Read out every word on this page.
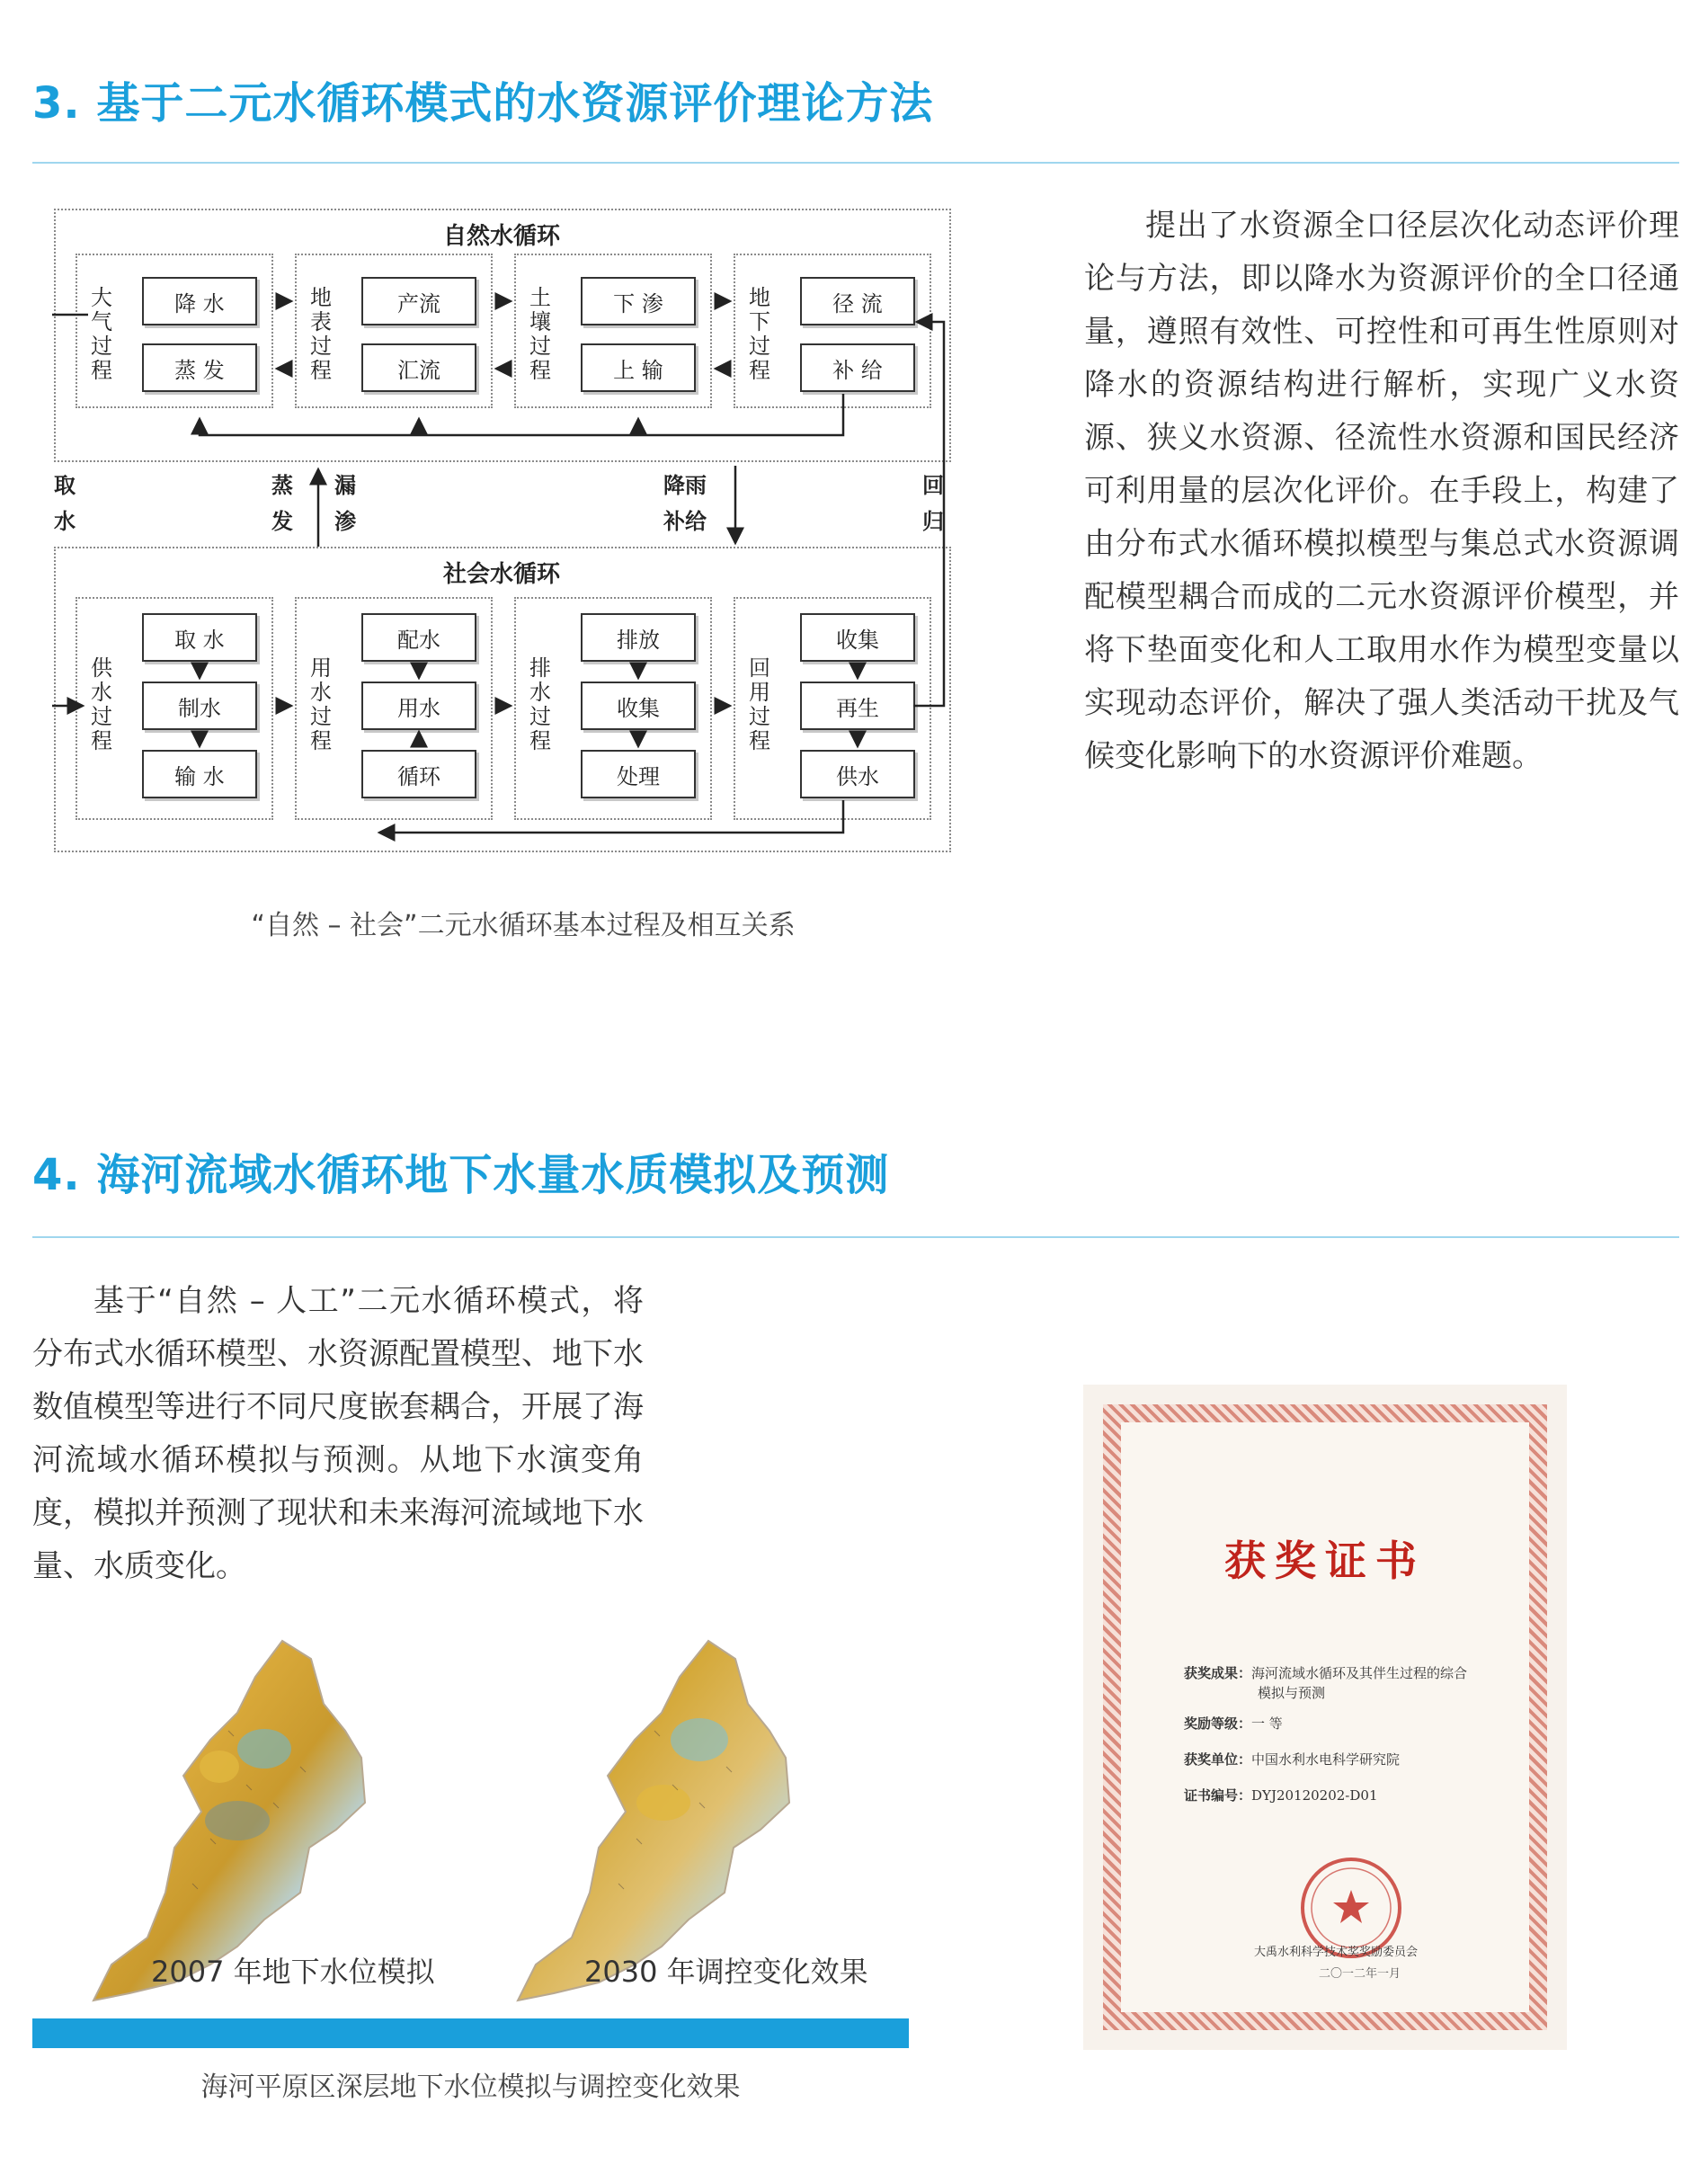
3. 基于二元水循环模式的水资源评价理论方法
自然水循环
社会水循环
大气过程
降 水
蒸 发
地表过程
产流
汇流
土壤过程
下 渗
上 输
地下过程
径 流
补 给
供水过程
取 水
制水
输 水
用水过程
配水
用水
循环
排水过程
排放
收集
处理
回用过程
收集
再生
供水
取
水
蒸
发
漏
渗
降雨
补给
回
归
“自然 – 社会”二元水循环基本过程及相互关系
提出了水资源全口径层次化动态评价理论与方法，即以降水为资源评价的全口径通量，遵照有效性、可控性和可再生性原则对降水的资源结构进行解析，实现广义水资源、狭义水资源、径流性水资源和国民经济可利用量的层次化评价。在手段上，构建了由分布式水循环模拟模型与集总式水资源调配模型耦合而成的二元水资源评价模型，并将下垫面变化和人工取用水作为模型变量以实现动态评价，解决了强人类活动干扰及气候变化影响下的水资源评价难题。
4. 海河流域水循环地下水量水质模拟及预测
基于“自然 – 人工”二元水循环模式，将分布式水循环模型、水资源配置模型、地下水数值模型等进行不同尺度嵌套耦合，开展了海河流域水循环模拟与预测。从地下水演变角度，模拟并预测了现状和未来海河流域地下水量、水质变化。
2007 年地下水位模拟	2030 年调控变化效果
海河平原区深层地下水位模拟与调控变化效果
获奖证书
获奖成果：海河流域水循环及其伴生过程的综合
模拟与预测
奖励等级：一 等
获奖单位：中国水利水电科学研究院
证书编号：DYJ20120202-D01
大禹水利科学技术奖奖励委员会
二〇一二年一月
